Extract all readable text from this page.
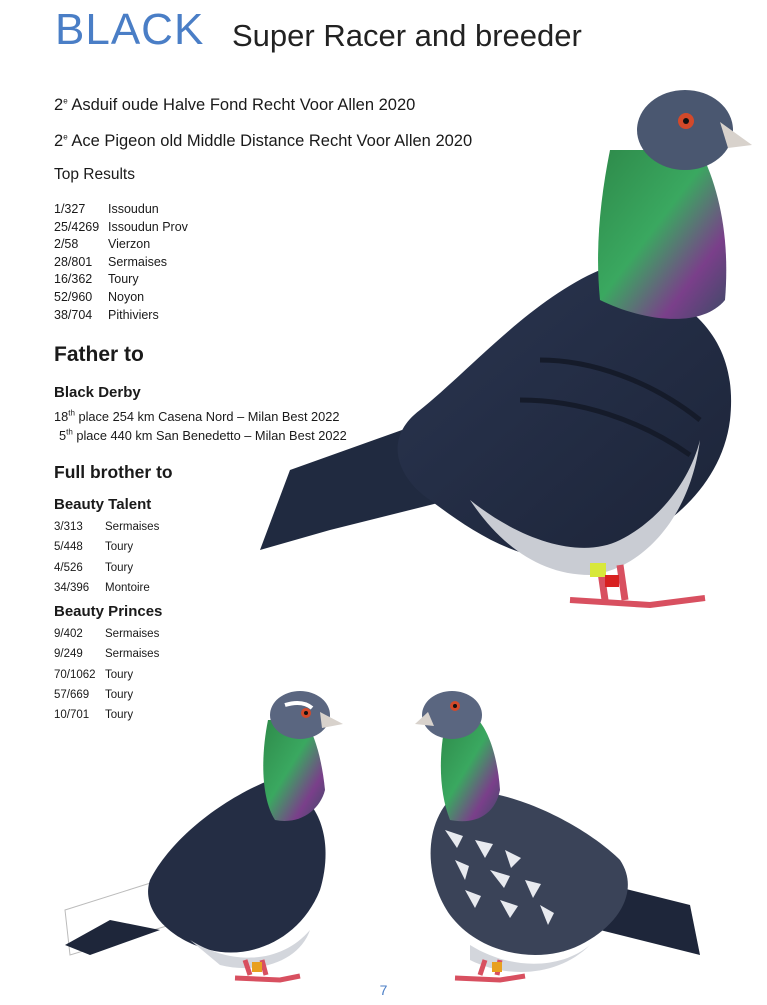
BLACK Super Racer and breeder
2e Asduif oude Halve Fond Recht Voor Allen 2020
2e Ace Pigeon old Middle Distance Recht Voor Allen 2020
Top Results
1/327	Issoudun
25/4269 Issoudun Prov
2/58	Vierzon
28/801	Sermaises
16/362	Toury
52/960	Noyon
38/704	Pithiviers
Father to
Black Derby
18th place 254 km Casena Nord – Milan Best 2022
5th place 440 km San Benedetto – Milan Best 2022
Full brother to
Beauty Talent
3/313	Sermaises
5/448	Toury
4/526	Toury
34/396	Montoire
Beauty Princes
9/402	Sermaises
9/249	Sermaises
70/1062 Toury
57/669	Toury
10/701	Toury
7
